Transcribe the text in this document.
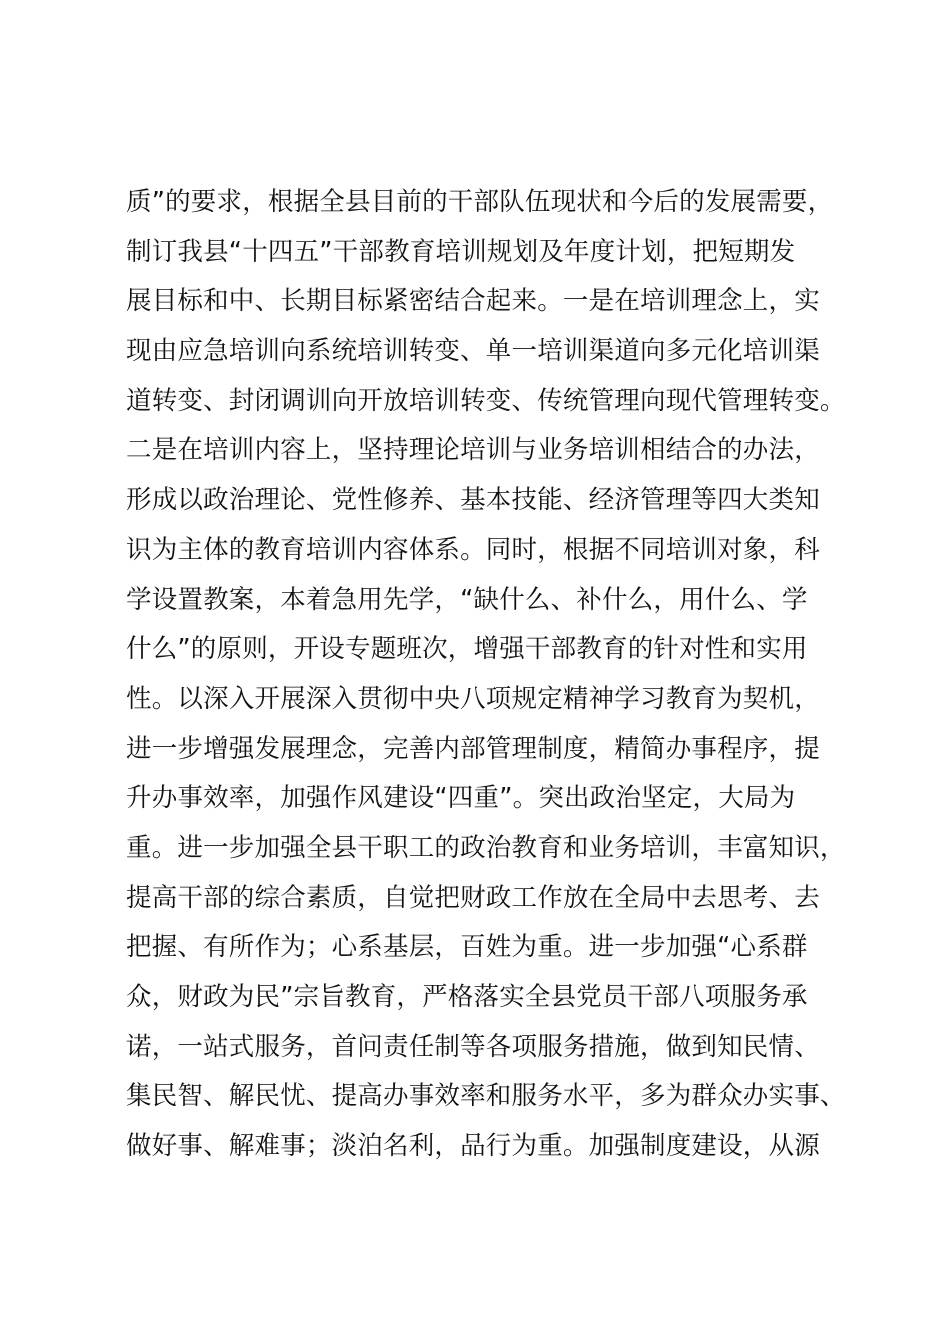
质”的要求，根据全县目前的干部队伍现状和今后的发展需要，
制订我县“十四五”干部教育培训规划及年度计划，把短期发
展目标和中、长期目标紧密结合起来。一是在培训理念上，实
现由应急培训向系统培训转变、单一培训渠道向多元化培训渠
道转变、封闭调训向开放培训转变、传统管理向现代管理转变。
二是在培训内容上，坚持理论培训与业务培训相结合的办法，
形成以政治理论、党性修养、基本技能、经济管理等四大类知
识为主体的教育培训内容体系。同时，根据不同培训对象，科
学设置教案，本着急用先学，“缺什么、补什么，用什么、学
什么”的原则，开设专题班次，增强干部教育的针对性和实用
性。以深入开展深入贯彻中央八项规定精神学习教育为契机，
进一步增强发展理念，完善内部管理制度，精简办事程序，提
升办事效率，加强作风建设“四重”。突出政治坚定，大局为
重。进一步加强全县干职工的政治教育和业务培训，丰富知识，
提高干部的综合素质，自觉把财政工作放在全局中去思考、去
把握、有所作为；心系基层，百姓为重。进一步加强“心系群
众，财政为民”宗旨教育，严格落实全县党员干部八项服务承
诺，一站式服务，首问责任制等各项服务措施，做到知民情、
集民智、解民忧、提高办事效率和服务水平，多为群众办实事、
做好事、解难事；淡泊名利，品行为重。加强制度建设，从源
